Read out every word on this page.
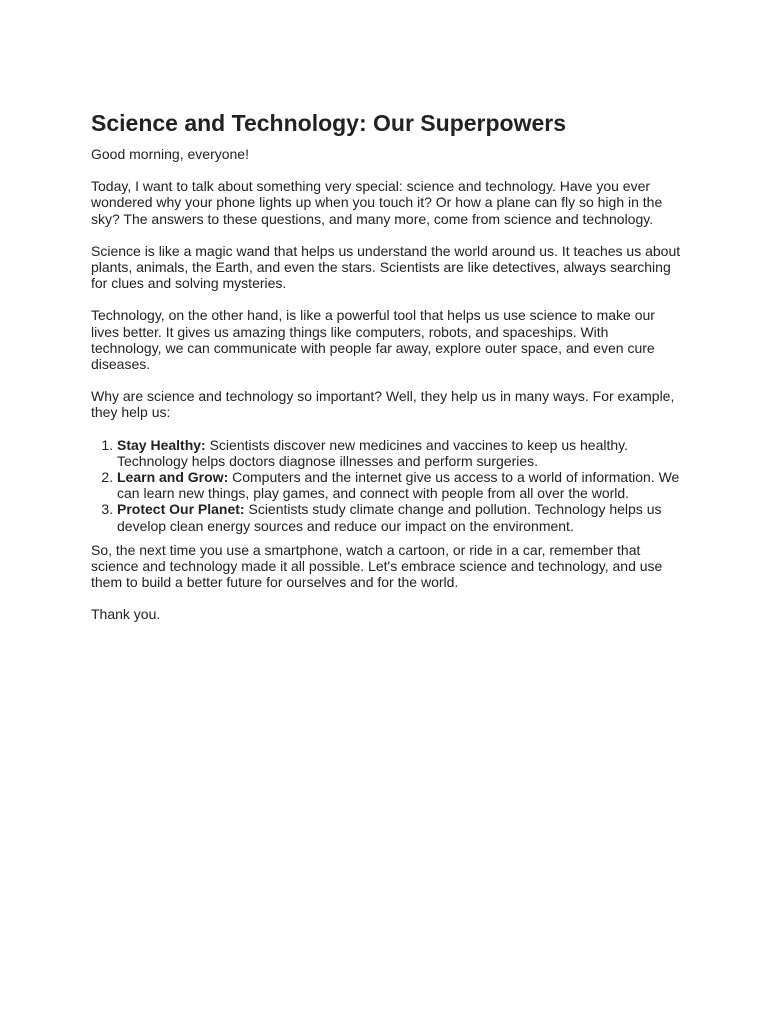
Science and Technology: Our Superpowers

Good morning, everyone!

Today, I want to talk about something very special: science and technology. Have you ever wondered why your phone lights up when you touch it? Or how a plane can fly so high in the sky? The answers to these questions, and many more, come from science and technology.

Science is like a magic wand that helps us understand the world around us. It teaches us about plants, animals, the Earth, and even the stars. Scientists are like detectives, always searching for clues and solving mysteries.

Technology, on the other hand, is like a powerful tool that helps us use science to make our lives better. It gives us amazing things like computers, robots, and spaceships. With technology, we can communicate with people far away, explore outer space, and even cure diseases.

Why are science and technology so important? Well, they help us in many ways. For example, they help us:

1. Stay Healthy: Scientists discover new medicines and vaccines to keep us healthy. Technology helps doctors diagnose illnesses and perform surgeries.
2. Learn and Grow: Computers and the internet give us access to a world of information. We can learn new things, play games, and connect with people from all over the world.
3. Protect Our Planet: Scientists study climate change and pollution. Technology helps us develop clean energy sources and reduce our impact on the environment.

So, the next time you use a smartphone, watch a cartoon, or ride in a car, remember that science and technology made it all possible. Let's embrace science and technology, and use them to build a better future for ourselves and for the world.

Thank you.
